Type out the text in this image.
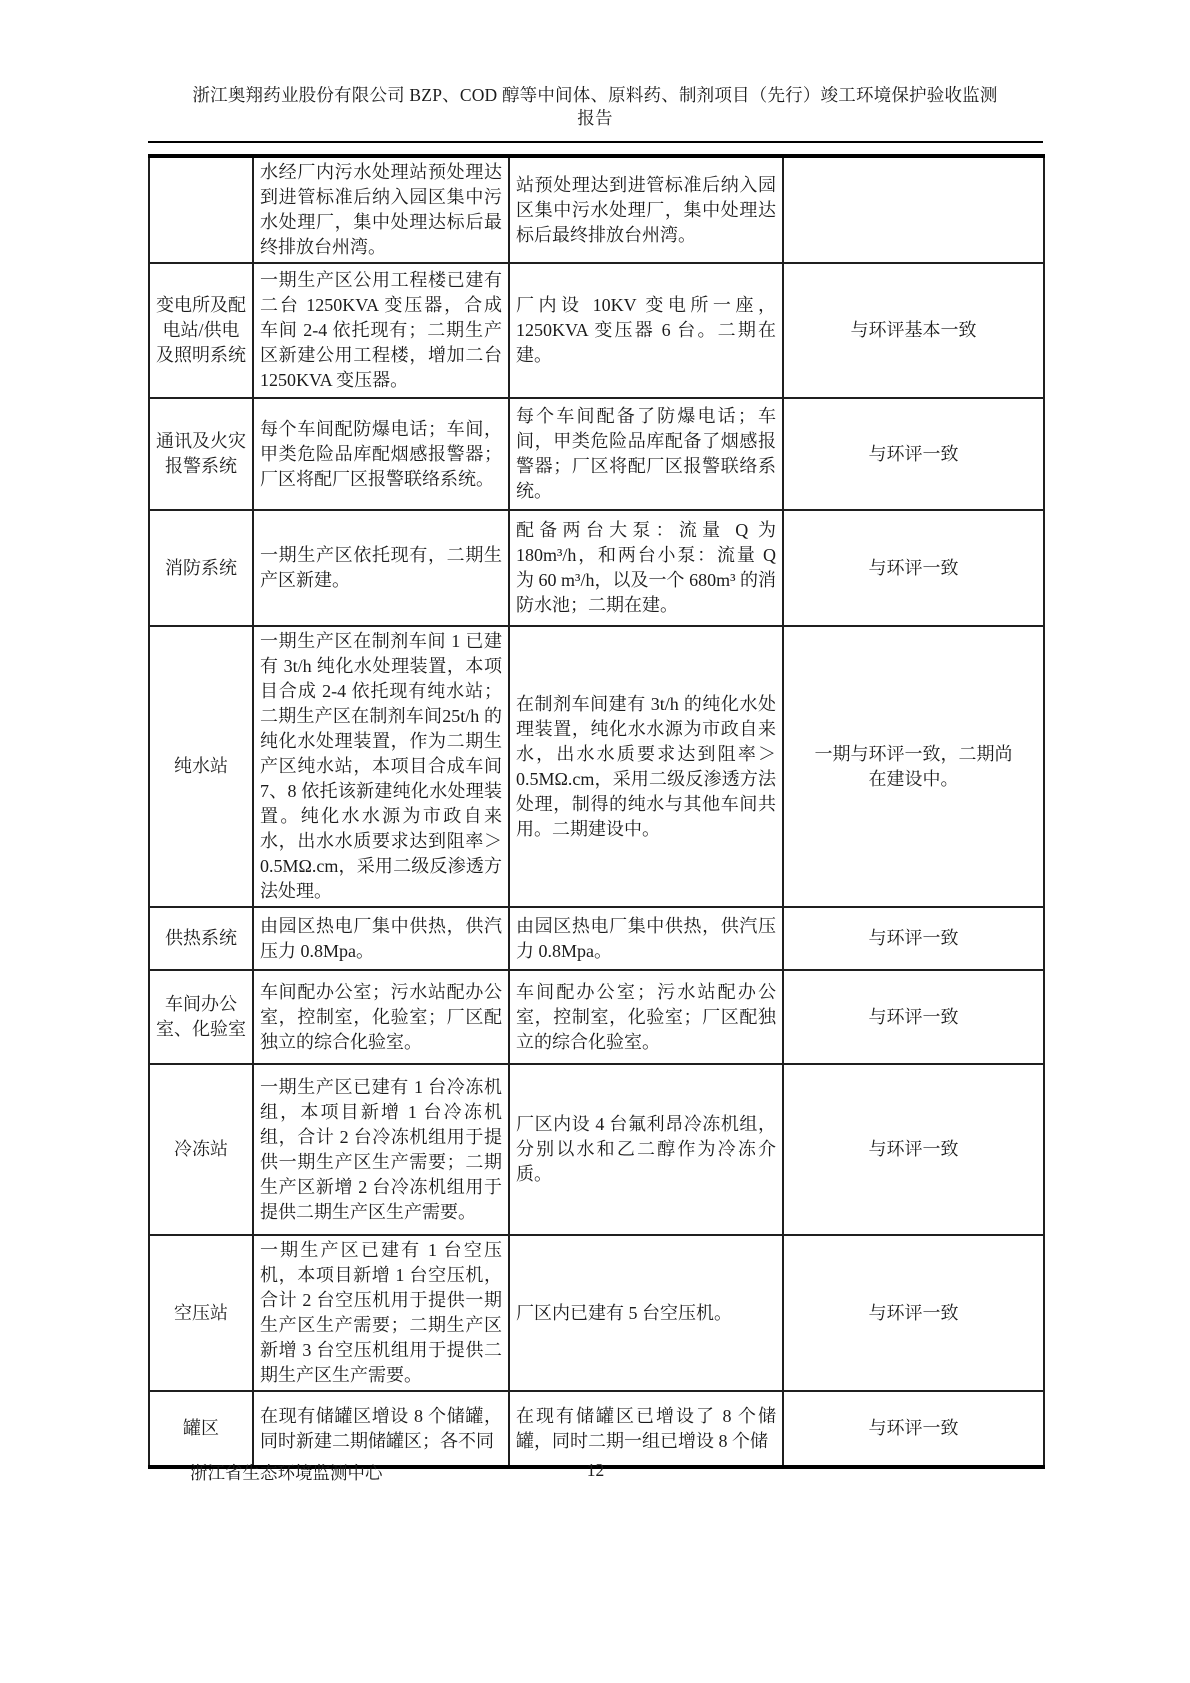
浙江奥翔药业股份有限公司 BZP、COD 醇等中间体、原料药、制剂项目（先行）竣工环境保护验收监测报告
	水经厂内污水处理站预处理达到进管标准后纳入园区集中污水处理厂，集中处理达标后最终排放台州湾。	站预处理达到进管标准后纳入园区集中污水处理厂，集中处理达标后最终排放台州湾。	
变电所及配电站/供电及照明系统	一期生产区公用工程楼已建有二台 1250KVA 变压器，合成车间 2-4 依托现有；二期生产区新建公用工程楼，增加二台 1250KVA 变压器。	厂内设 10KV 变电所一座，1250KVA 变压器 6 台。二期在建。	与环评基本一致
通讯及火灾报警系统	每个车间配防爆电话；车间，甲类危险品库配烟感报警器；厂区将配厂区报警联络系统。	每个车间配备了防爆电话；车间，甲类危险品库配备了烟感报警器；厂区将配厂区报警联络系统。	与环评一致
消防系统	一期生产区依托现有，二期生产区新建。	配备两台大泵：流量 Q 为 180m³/h，和两台小泵：流量 Q 为 60 m³/h，以及一个 680m³ 的消防水池；二期在建。	与环评一致
纯水站	一期生产区在制剂车间 1 已建有 3t/h 纯化水处理装置，本项目合成 2-4 依托现有纯水站；二期生产区在制剂车间25t/h 的纯化水处理装置，作为二期生产区纯水站，本项目合成车间 7、8 依托该新建纯化水处理装置。纯化水水源为市政自来水，出水水质要求达到阻率＞0.5MΩ.cm，采用二级反渗透方法处理。	在制剂车间建有 3t/h 的纯化水处理装置，纯化水水源为市政自来水，出水水质要求达到阻率＞0.5MΩ.cm，采用二级反渗透方法处理，制得的纯水与其他车间共用。二期建设中。	一期与环评一致，二期尚在建设中。
供热系统	由园区热电厂集中供热，供汽压力 0.8Mpa。	由园区热电厂集中供热，供汽压力 0.8Mpa。	与环评一致
车间办公室、化验室	车间配办公室；污水站配办公室，控制室，化验室；厂区配独立的综合化验室。	车间配办公室；污水站配办公室，控制室，化验室；厂区配独立的综合化验室。	与环评一致
冷冻站	一期生产区已建有 1 台冷冻机组，本项目新增 1 台冷冻机组，合计 2 台冷冻机组用于提供一期生产区生产需要；二期生产区新增 2 台冷冻机组用于提供二期生产区生产需要。	厂区内设 4 台氟利昂冷冻机组，分别以水和乙二醇作为冷冻介质。	与环评一致
空压站	一期生产区已建有 1 台空压机，本项目新增 1 台空压机，合计 2 台空压机用于提供一期生产区生产需要；二期生产区新增 3 台空压机组用于提供二期生产区生产需要。	厂区内已建有 5 台空压机。	与环评一致
罐区	在现有储罐区增设 8 个储罐，同时新建二期储罐区；各不同	在现有储罐区已增设了 8 个储罐，同时二期一组已增设 8 个储	与环评一致
浙江省生态环境监测中心	12
